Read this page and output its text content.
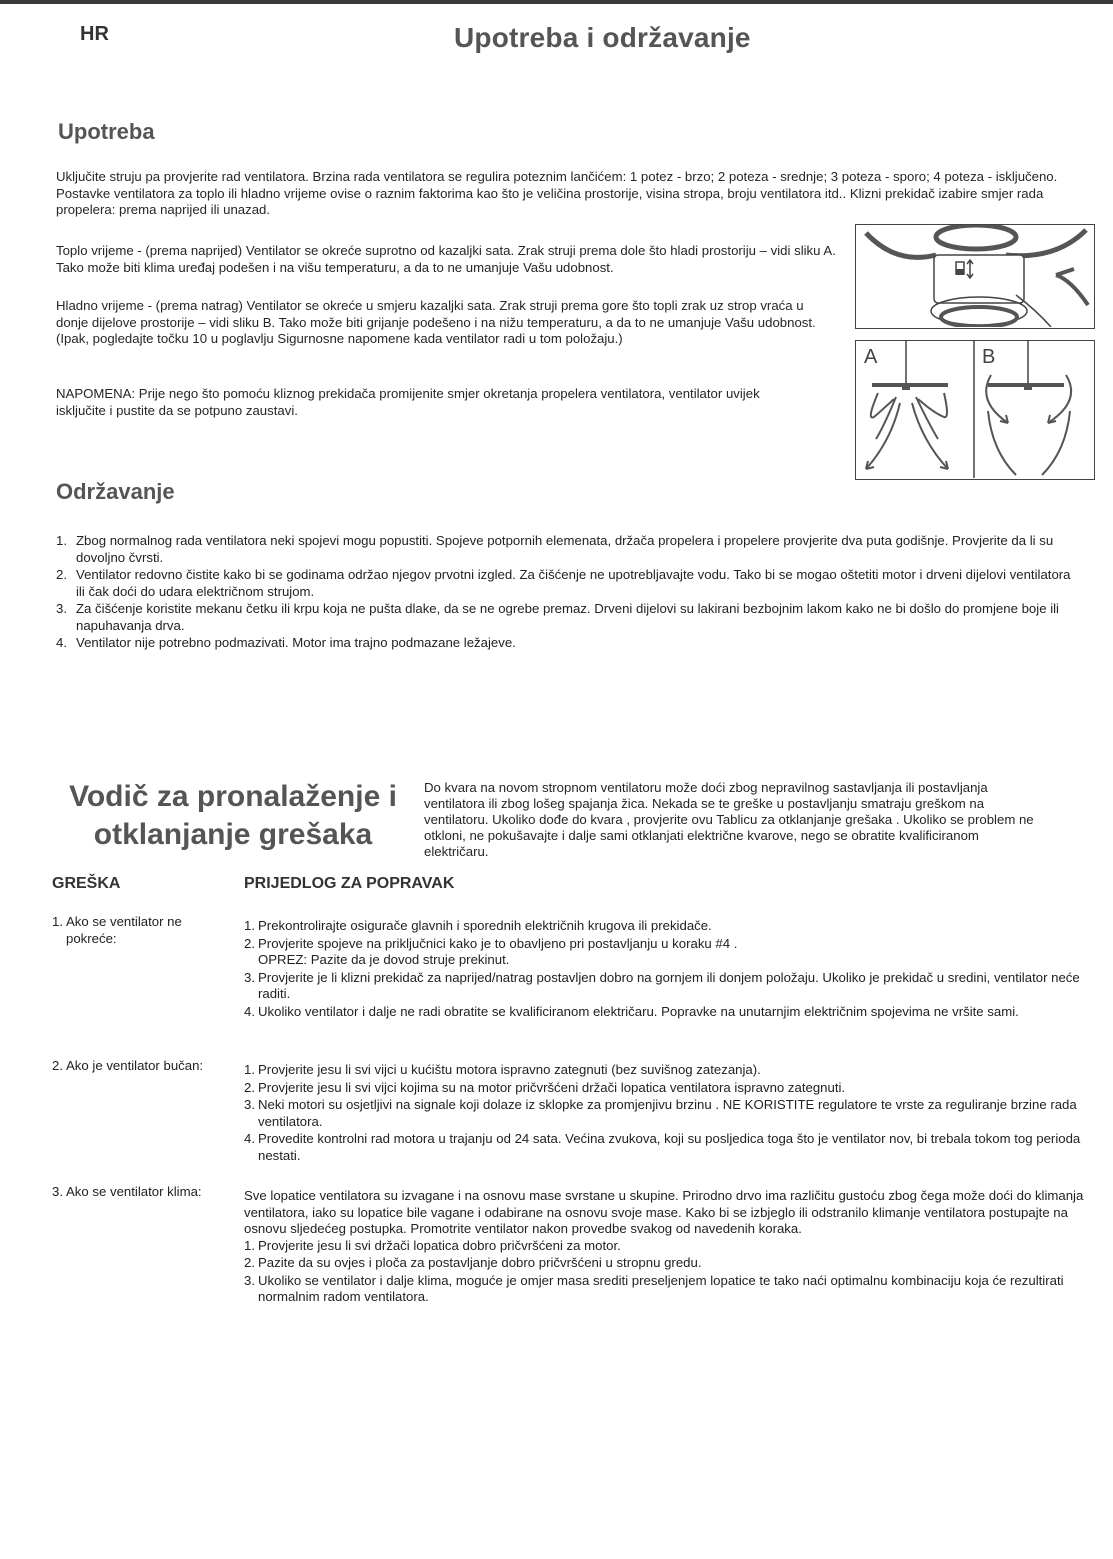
HR	Upotreba i održavanje
Upotreba

Uključite struju pa provjerite rad ventilatora. Brzina rada ventilatora se regulira poteznim lančićem: 1 potez - brzo; 2 poteza - srednje; 3 poteza - sporo; 4 poteza - isključeno. Postavke ventilatora za toplo ili hladno vrijeme ovise o raznim faktorima kao što je veličina prostorije, visina stropa, broju ventilatora itd.. Klizni prekidač izabire smjer rada propelera: prema naprijed ili unazad.

Toplo vrijeme - (prema naprijed) Ventilator se okreće suprotno od kazaljki sata. Zrak struji prema dole što hladi prostoriju – vidi sliku A. Tako može biti klima uređaj podešen i na višu temperaturu, a da to ne umanjuje Vašu udobnost.

Hladno vrijeme - (prema natrag) Ventilator se okreće u smjeru kazaljki sata. Zrak struji prema gore što topli zrak uz strop vraća u donje dijelove prostorije – vidi sliku B. Tako može biti grijanje podešeno i na nižu temperaturu, a da to ne umanjuje Vašu udobnost. (Ipak, pogledajte točku 10 u poglavlju Sigurnosne napomene kada ventilator radi u tom položaju.)

NAPOMENA: Prije nego što pomoću kliznog prekidača promijenite smjer okretanja propelera ventilatora, ventilator uvijek isključite i pustite da se potpuno zaustavi.

A	B
Održavanje
1. Zbog normalnog rada ventilatora neki spojevi mogu popustiti. Spojeve potpornih elemenata, držača propelera i propelere provjerite dva puta godišnje. Provjerite da li su dovoljno čvrsti.
2. Ventilator redovno čistite kako bi se godinama održao njegov prvotni izgled. Za čišćenje ne upotrebljavajte vodu. Tako bi se mogao oštetiti motor i drveni dijelovi ventilatora ili čak doći do udara električnom strujom.
3. Za čišćenje koristite mekanu četku ili krpu koja ne pušta dlake, da se ne ogrebe premaz. Drveni dijelovi su lakirani bezbojnim lakom kako ne bi došlo do promjene boje ili napuhavanja drva.
4. Ventilator nije potrebno podmazivati. Motor ima trajno podmazane ležajeve.
Vodič za pronalaženje i
otklanjanje grešaka

Do kvara na novom stropnom ventilatoru može doći zbog nepravilnog sastavljanja ili postavljanja ventilatora ili zbog lošeg spajanja žica. Nekada se te greške u postavljanju smatraju greškom na ventilatoru. Ukoliko dođe do kvara , provjerite ovu Tablicu za otklanjanje grešaka . Ukoliko se problem ne otkloni, ne pokušavajte i dalje sami otklanjati električne kvarove, nego se obratite kvalificiranom električaru.

GREŠKA	PRIJEDLOG ZA POPRAVAK
1. Ako se ventilator ne pokreće:
1. Prekontrolirajte osigurače glavnih i sporednih električnih krugova ili prekidače.
2. Provjerite spojeve na priključnici kako je to obavljeno pri postavljanju u koraku #4 .
OPREZ: Pazite da je dovod struje prekinut.
3. Provjerite je li klizni prekidač za naprijed/natrag postavljen dobro na gornjem ili donjem položaju. Ukoliko je prekidač u sredini, ventilator neće raditi.
4. Ukoliko ventilator i dalje ne radi obratite se kvalificiranom električaru. Popravke na unutarnjim električnim spojevima ne vršite sami.
2. Ako je ventilator bučan:	1. Provjerite jesu li svi vijci u kućištu motora ispravno zategnuti (bez suvišnog zatezanja).
2. Provjerite jesu li svi vijci kojima su na motor pričvršćeni držači lopatica ventilatora ispravno zategnuti.
3. Neki motori su osjetljivi na signale koji dolaze iz sklopke za promjenjivu brzinu . NE KORISTITE regulatore te vrste za reguliranje brzine rada ventilatora.
4. Provedite kontrolni rad motora u trajanju od 24 sata. Većina zvukova, koji su posljedica toga što je ventilator nov, bi trebala tokom tog perioda nestati.
3. Ako se ventilator klima:	Sve lopatice ventilatora su izvagane i na osnovu mase svrstane u skupine. Prirodno drvo ima različitu gustoću zbog čega može doći do klimanja ventilatora, iako su lopatice bile vagane i odabirane na osnovu svoje mase. Kako bi se izbjeglo ili odstranilo klimanje ventilatora postupajte na osnovu sljedećeg postupka. Promotrite ventilator nakon provedbe svakog od navedenih koraka.

1. Provjerite jesu li svi držači lopatica dobro pričvršćeni za motor.
2. Pazite da su ovjes i ploča za postavljanje dobro pričvršćeni u stropnu gredu.
3. Ukoliko se ventilator i dalje klima, moguće je omjer masa srediti preseljenjem lopatice te tako naći optimalnu kombinaciju koja će rezultirati normalnim radom ventilatora.
